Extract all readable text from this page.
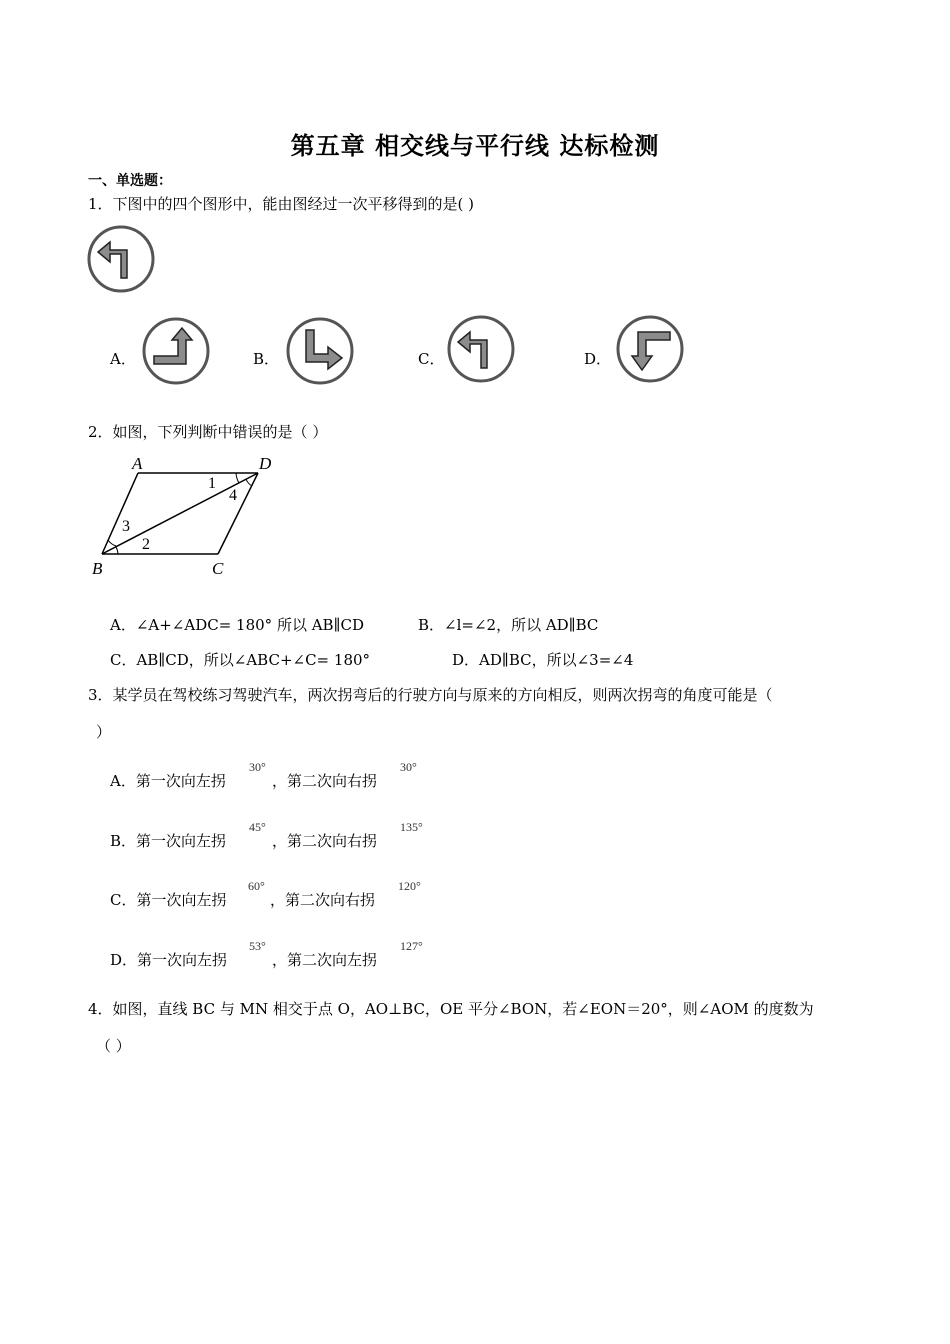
第五章 相交线与平行线 达标检测
一、单选题：
1．下图中的四个图形中，能由图经过一次平移得到的是( )
A．	B．	C．	D．
2．如图，下列判断中错误的是（ ）
A	D
B	C
1
2
3
4
A．∠A+∠ADC= 180° 所以 AB∥CD	B．∠l=∠2，所以 AD∥BC
C．AB∥CD，所以∠ABC+∠C= 180°	D．AD∥BC，所以∠3=∠4
3．某学员在驾校练习驾驶汽车，两次拐弯后的行驶方向与原来的方向相反，则两次拐弯的角度可能是（
）
A．第一次向左拐
30°
，第二次向右拐
30°
B．第一次向左拐
45°
，第二次向右拐
135°
C．第一次向左拐
60°
，第二次向右拐
120°
D．第一次向左拐
53°
，第二次向左拐
127°
4．如图，直线 BC 与 MN 相交于点 O，AO⊥BC，OE 平分∠BON，若∠EON＝20°，则∠AOM 的度数为
（ ）
